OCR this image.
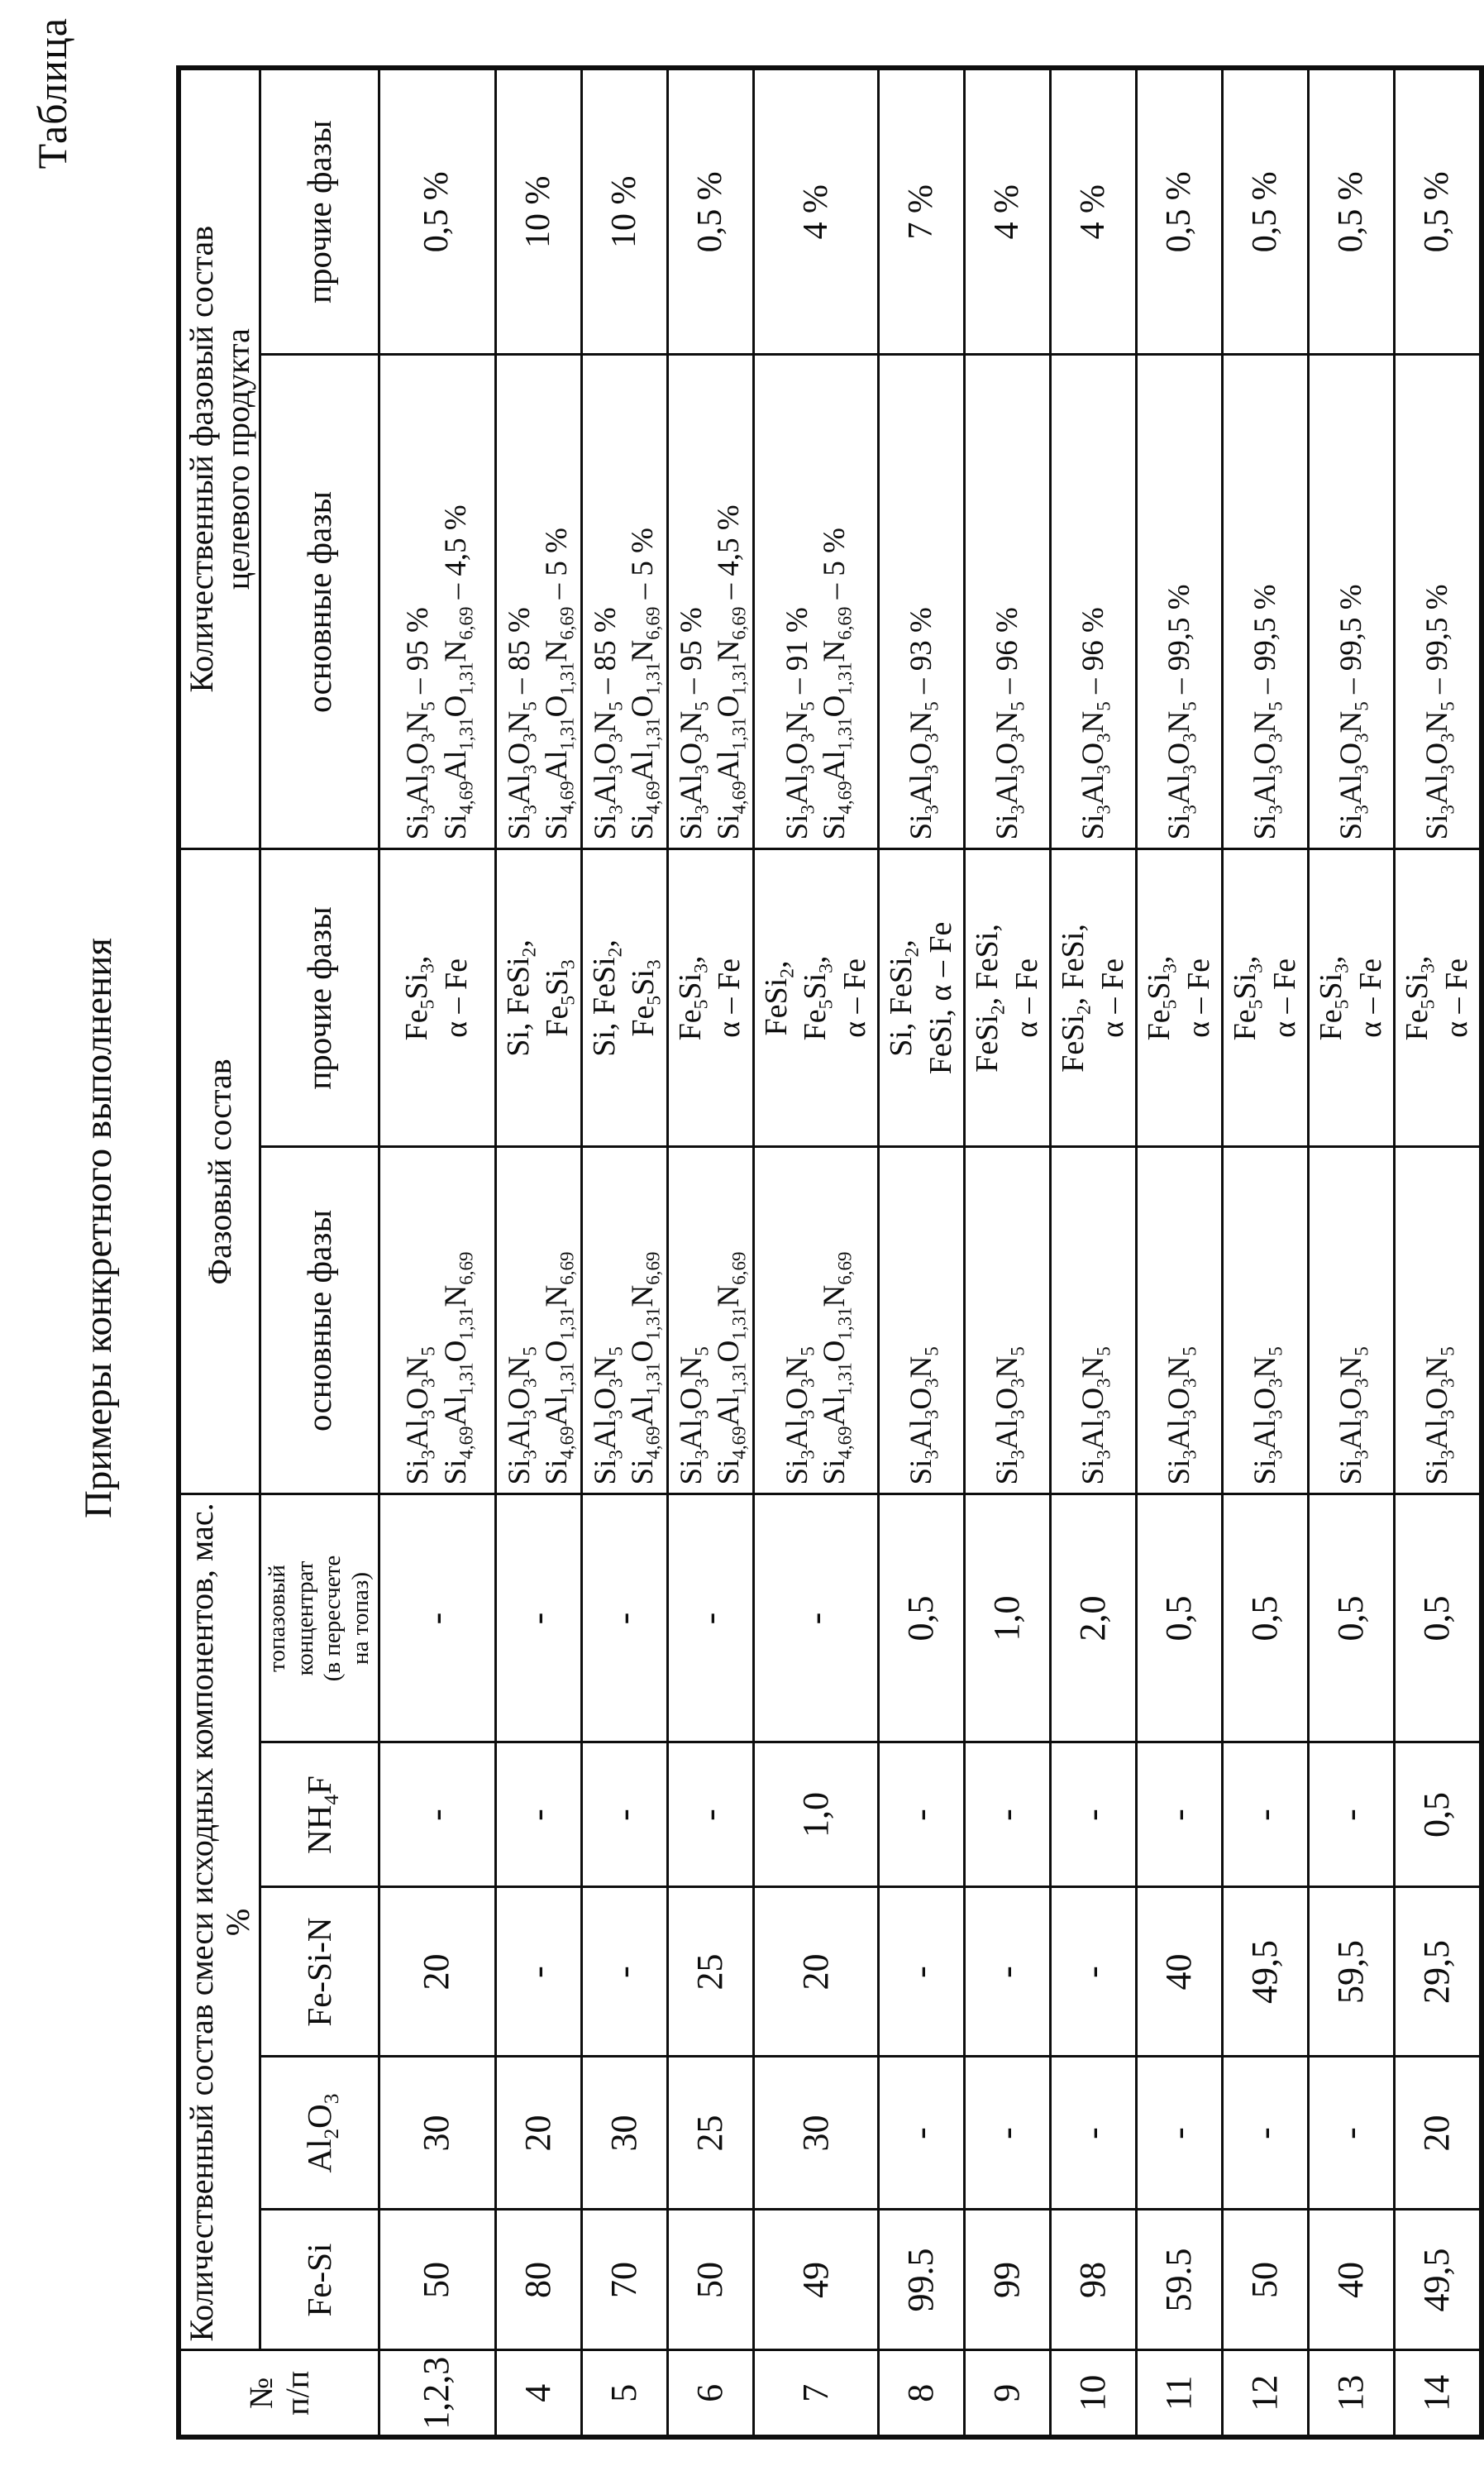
Таблица
Примеры конкретного выполнения
№
п/п	Количественный состав смеси исходных компонентов, мас. %					Фазовый состав		Количественный фазовый состав
целевого продукта	
	Fe-Si	$Al_2O_3$	Fe-Si-N	$NH_4F$	топазовый
концентрат
(в пересчете
на топаз)	основные фазы	прочие фазы	основные фазы	прочие фазы
1,2,3	50	30	20	-	-	$Si_3Al_3O_3N_5$
$Si_{4,69}Al_{1,31}O_{1,31}N_{6,69}$	$Fe_5Si_3$, α – Fe	$Si_3Al_3O_3N_5 - 95$ %
$Si_{4,69}Al_{1,31}O_{1,31}N_{6,69} - 4,5$ %	0,5 %
4	80	20	-	-	-	$Si_3Al_3O_3N_5$
$Si_{4,69}Al_{1,31}O_{1,31}N_{6,69}$	Si, FeSi$_2$,
$Fe_5Si_3$	$Si_3Al_3O_3N_5 - 85$ %
$Si_{4,69}Al_{1,31}O_{1,31}N_{6,69} - 5$ %	10 %
5	70	30	-	-	-	$Si_3Al_3O_3N_5$
$Si_{4,69}Al_{1,31}O_{1,31}N_{6,69}$	Si, FeSi$_2$,
$Fe_5Si_3$	$Si_3Al_3O_3N_5 - 85$ %
$Si_{4,69}Al_{1,31}O_{1,31}N_{6,69} - 5$ %	10 %
6	50	25	25	-	-	$Si_3Al_3O_3N_5$
$Si_{4,69}Al_{1,31}O_{1,31}N_{6,69}$	$Fe_5Si_3$, α – Fe	$Si_3Al_3O_3N_5 - 95$ %
$Si_{4,69}Al_{1,31}O_{1,31}N_{6,69} - 4,5$ %	0,5 %
7	49	30	20	1,0	-	$Si_3Al_3O_3N_5$
$Si_{4,69}Al_{1,31}O_{1,31}N_{6,69}$	FeSi$_2$,
$Fe_5Si_3$, α – Fe	$Si_3Al_3O_3N_5 - 91$ %
$Si_{4,69}Al_{1,31}O_{1,31}N_{6,69} - 5$ %	4 %
8	99.5	-	-	-	0,5	$Si_3Al_3O_3N_5$	Si, FeSi$_2$, FeSi, α – Fe	$Si_3Al_3O_3N_5 - 93$ %	7 %
9	99	-	-	-	1,0	$Si_3Al_3O_3N_5$	FeSi$_2$, FeSi, α – Fe	$Si_3Al_3O_3N_5 - 96$ %	4 %
10	98	-	-	-	2,0	$Si_3Al_3O_3N_5$	FeSi$_2$, FeSi, α – Fe	$Si_3Al_3O_3N_5 - 96$ %	4 %
11	59.5	-	40	-	0,5	$Si_3Al_3O_3N_5$	$Fe_5Si_3$, α – Fe	$Si_3Al_3O_3N_5 - 99,5$ %	0,5 %
12	50	-	49,5	-	0,5	$Si_3Al_3O_3N_5$	$Fe_5Si_3$, α – Fe	$Si_3Al_3O_3N_5 - 99,5$ %	0,5 %
13	40	-	59,5	-	0,5	$Si_3Al_3O_3N_5$	$Fe_5Si_3$, α – Fe	$Si_3Al_3O_3N_5 - 99,5$ %	0,5 %
14	49,5	20	29,5	0,5	0,5	$Si_3Al_3O_3N_5$	$Fe_5Si_3$, α – Fe	$Si_3Al_3O_3N_5 - 99,5$ %	0,5 %
